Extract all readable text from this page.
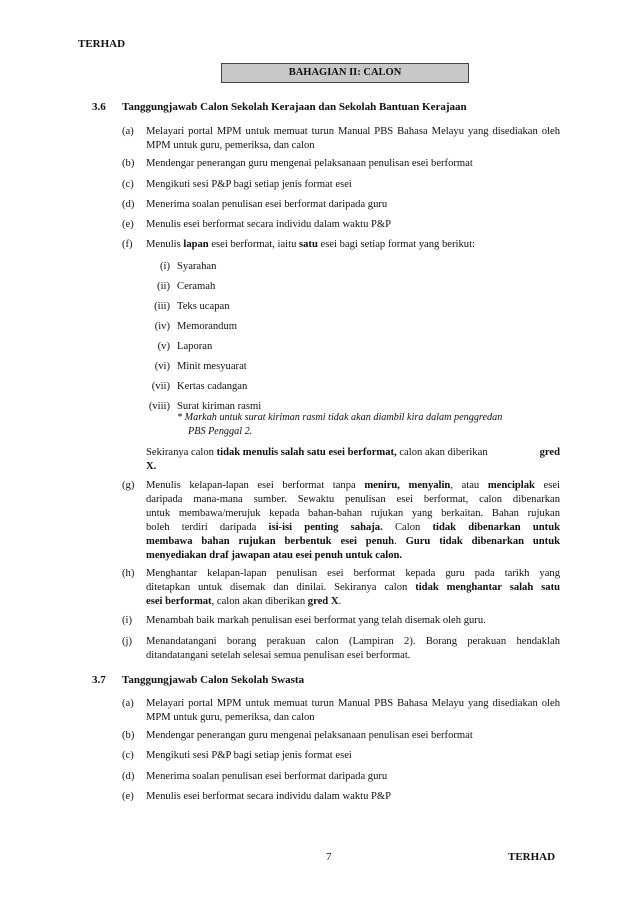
TERHAD
BAHAGIAN II: CALON
3.6 Tanggungjawab Calon Sekolah Kerajaan dan Sekolah Bantuan Kerajaan
(a) Melayari portal MPM untuk memuat turun Manual PBS Bahasa Melayu yang disediakan oleh MPM untuk guru, pemeriksa, dan calon
(b) Mendengar penerangan guru mengenai pelaksanaan penulisan esei berformat
(c) Mengikuti sesi P&P bagi setiap jenis format esei
(d) Menerima soalan penulisan esei berformat daripada guru
(e) Menulis esei berformat secara individu dalam waktu P&P
(f) Menulis lapan esei berformat, iaitu satu esei bagi setiap format yang berikut:
(i) Syarahan
(ii) Ceramah
(iii) Teks ucapan
(iv) Memorandum
(v) Laporan
(vi) Minit mesyuarat
(vii) Kertas cadangan
(viii) Surat kiriman rasmi
* Markah untuk surat kiriman rasmi tidak akan diambil kira dalam penggredan
PBS Penggal 2.
Sekiranya calon tidak menulis salah satu esei berformat, calon akan diberikan	gred
X.
(g) Menulis kelapan-lapan esei berformat tanpa meniru, menyalin, atau menciplak esei
daripada mana-mana sumber. Sewaktu penulisan esei berformat, calon dibenarkan
untuk membawa/merujuk kepada bahan-bahan rujukan yang berkaitan. Bahan rujukan
boleh terdiri daripada isi-isi penting sahaja. Calon tidak dibenarkan untuk
membawa bahan rujukan berbentuk esei penuh. Guru tidak dibenarkan untuk
menyediakan draf jawapan atau esei penuh untuk calon.
(h) Menghantar kelapan-lapan penulisan esei berformat kepada guru pada tarikh yang
ditetapkan untuk disemak dan dinilai. Sekiranya calon tidak menghantar salah satu
esei berformat, calon akan diberikan gred X.
(i) Menambah baik markah penulisan esei berformat yang telah disemak oleh guru.
(j) Menandatangani borang perakuan calon (Lampiran 2). Borang perakuan hendaklah
ditandatangani setelah selesai semua penulisan esei berformat.
3.7 Tanggungjawab Calon Sekolah Swasta
(a) Melayari portal MPM untuk memuat turun Manual PBS Bahasa Melayu yang disediakan oleh MPM untuk guru, pemeriksa, dan calon
(b) Mendengar penerangan guru mengenai pelaksanaan penulisan esei berformat
(c) Mengikuti sesi P&P bagi setiap jenis format esei
(d) Menerima soalan penulisan esei berformat daripada guru
(e) Menulis esei berformat secara individu dalam waktu P&P
7	TERHAD
